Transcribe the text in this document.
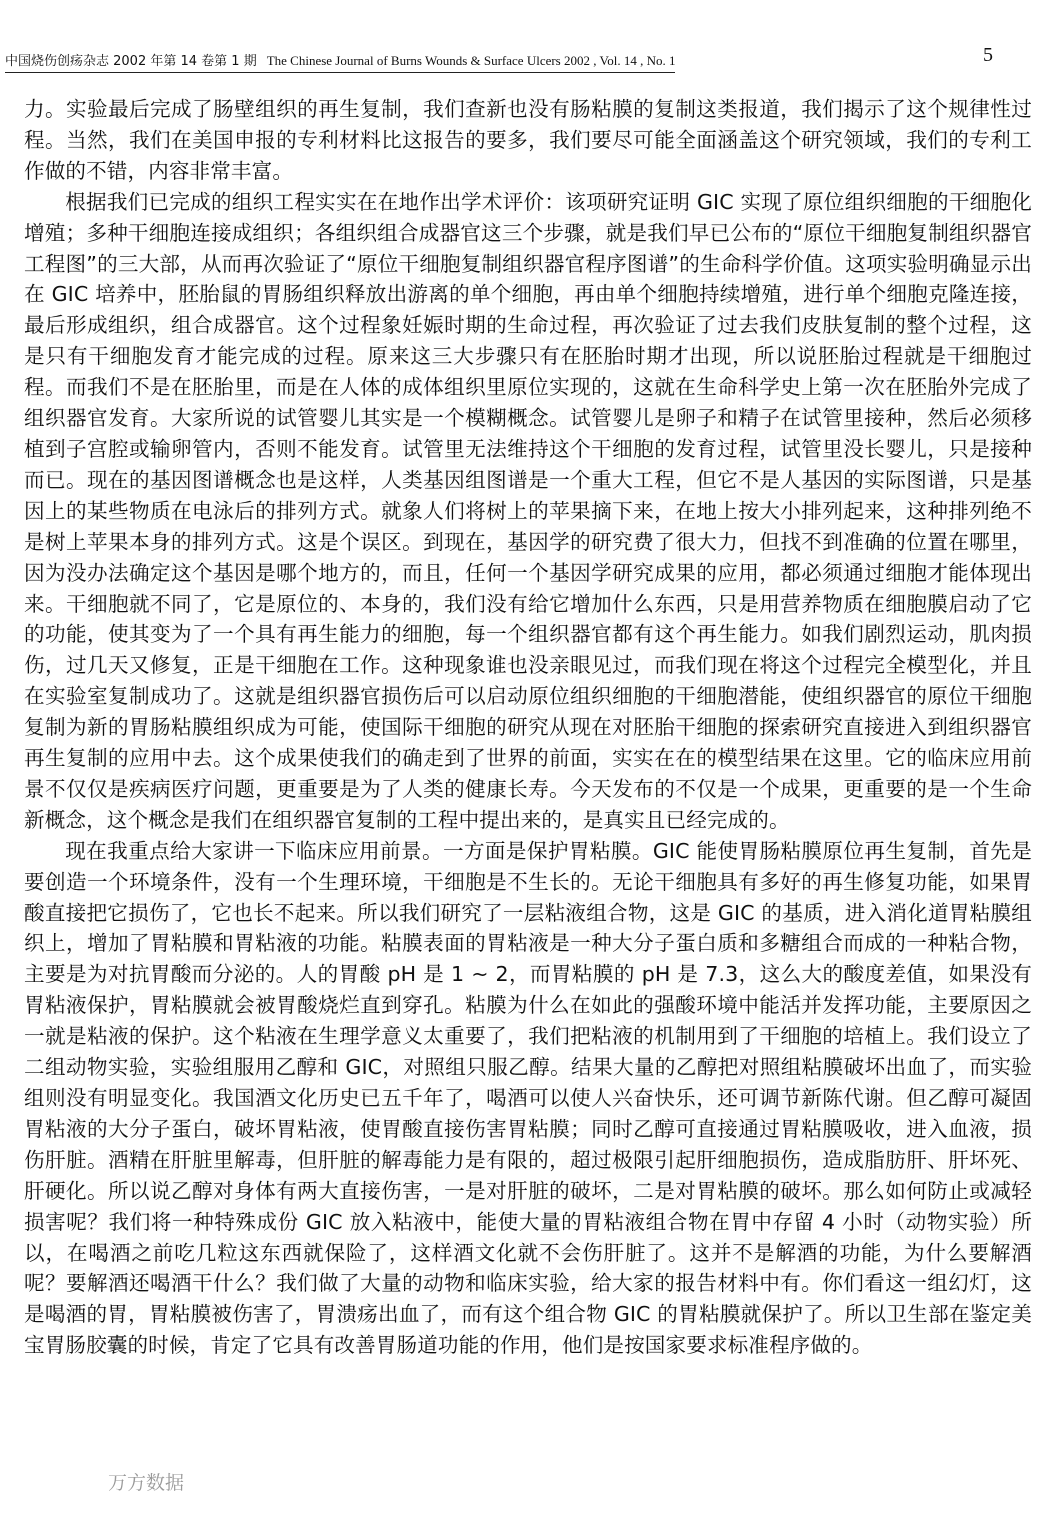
中国烧伤创疡杂志 2002 年第 14 卷第 1 期 The Chinese Journal of Burns Wounds & Surface Ulcers 2002 , Vol. 14 , No. 1	5

力。实验最后完成了肠壁组织的再生复制，我们查新也没有肠粘膜的复制这类报道，我们揭示了这个规律性过程。当然，我们在美国申报的专利材料比这报告的要多，我们要尽可能全面涵盖这个研究领域，我们的专利工作做的不错，内容非常丰富。

根据我们已完成的组织工程实实在在地作出学术评价：该项研究证明 GIC 实现了原位组织细胞的干细胞化增殖；多种干细胞连接成组织；各组织组合成器官这三个步骤，就是我们早已公布的“原位干细胞复制组织器官工程图”的三大部，从而再次验证了“原位干细胞复制组织器官程序图谱”的生命科学价值。这项实验明确显示出在 GIC 培养中，胚胎鼠的胃肠组织释放出游离的单个细胞，再由单个细胞持续增殖，进行单个细胞克隆连接，最后形成组织，组合成器官。这个过程象妊娠时期的生命过程，再次验证了过去我们皮肤复制的整个过程，这是只有干细胞发育才能完成的过程。原来这三大步骤只有在胚胎时期才出现，所以说胚胎过程就是干细胞过程。而我们不是在胚胎里，而是在人体的成体组织里原位实现的，这就在生命科学史上第一次在胚胎外完成了组织器官发育。大家所说的试管婴儿其实是一个模糊概念。试管婴儿是卵子和精子在试管里接种，然后必须移植到子宫腔或输卵管内，否则不能发育。试管里无法维持这个干细胞的发育过程，试管里没长婴儿，只是接种而已。现在的基因图谱概念也是这样，人类基因组图谱是一个重大工程，但它不是人基因的实际图谱，只是基因上的某些物质在电泳后的排列方式。就象人们将树上的苹果摘下来，在地上按大小排列起来，这种排列绝不是树上苹果本身的排列方式。这是个误区。到现在，基因学的研究费了很大力，但找不到准确的位置在哪里，因为没办法确定这个基因是哪个地方的，而且，任何一个基因学研究成果的应用，都必须通过细胞才能体现出来。干细胞就不同了，它是原位的、本身的，我们没有给它增加什么东西，只是用营养物质在细胞膜启动了它的功能，使其变为了一个具有再生能力的细胞，每一个组织器官都有这个再生能力。如我们剧烈运动，肌肉损伤，过几天又修复，正是干细胞在工作。这种现象谁也没亲眼见过，而我们现在将这个过程完全模型化，并且在实验室复制成功了。这就是组织器官损伤后可以启动原位组织细胞的干细胞潜能，使组织器官的原位干细胞复制为新的胃肠粘膜组织成为可能，使国际干细胞的研究从现在对胚胎干细胞的探索研究直接进入到组织器官再生复制的应用中去。这个成果使我们的确走到了世界的前面，实实在在的模型结果在这里。它的临床应用前景不仅仅是疾病医疗问题，更重要是为了人类的健康长寿。今天发布的不仅是一个成果，更重要的是一个生命新概念，这个概念是我们在组织器官复制的工程中提出来的，是真实且已经完成的。

现在我重点给大家讲一下临床应用前景。一方面是保护胃粘膜。GIC 能使胃肠粘膜原位再生复制，首先是要创造一个环境条件，没有一个生理环境，干细胞是不生长的。无论干细胞具有多好的再生修复功能，如果胃酸直接把它损伤了，它也长不起来。所以我们研究了一层粘液组合物，这是 GIC 的基质，进入消化道胃粘膜组织上，增加了胃粘膜和胃粘液的功能。粘膜表面的胃粘液是一种大分子蛋白质和多糖组合而成的一种粘合物，主要是为对抗胃酸而分泌的。人的胃酸 pH 是 1 ~ 2，而胃粘膜的 pH 是 7.3，这么大的酸度差值，如果没有胃粘液保护，胃粘膜就会被胃酸烧烂直到穿孔。粘膜为什么在如此的强酸环境中能活并发挥功能，主要原因之一就是粘液的保护。这个粘液在生理学意义太重要了，我们把粘液的机制用到了干细胞的培植上。我们设立了二组动物实验，实验组服用乙醇和 GIC，对照组只服乙醇。结果大量的乙醇把对照组粘膜破坏出血了，而实验组则没有明显变化。我国酒文化历史已五千年了，喝酒可以使人兴奋快乐，还可调节新陈代谢。但乙醇可凝固胃粘液的大分子蛋白，破坏胃粘液，使胃酸直接伤害胃粘膜；同时乙醇可直接通过胃粘膜吸收，进入血液，损伤肝脏。酒精在肝脏里解毒，但肝脏的解毒能力是有限的，超过极限引起肝细胞损伤，造成脂肪肝、肝坏死、肝硬化。所以说乙醇对身体有两大直接伤害，一是对肝脏的破坏，二是对胃粘膜的破坏。那么如何防止或减轻损害呢？我们将一种特殊成份 GIC 放入粘液中，能使大量的胃粘液组合物在胃中存留 4 小时（动物实验）所以，在喝酒之前吃几粒这东西就保险了，这样酒文化就不会伤肝脏了。这并不是解酒的功能，为什么要解酒呢？要解酒还喝酒干什么？我们做了大量的动物和临床实验，给大家的报告材料中有。你们看这一组幻灯，这是喝酒的胃，胃粘膜被伤害了，胃溃疡出血了，而有这个组合物 GIC 的胃粘膜就保护了。所以卫生部在鉴定美宝胃肠胶囊的时候，肯定了它具有改善胃肠道功能的作用，他们是按国家要求标准程序做的。

万方数据
